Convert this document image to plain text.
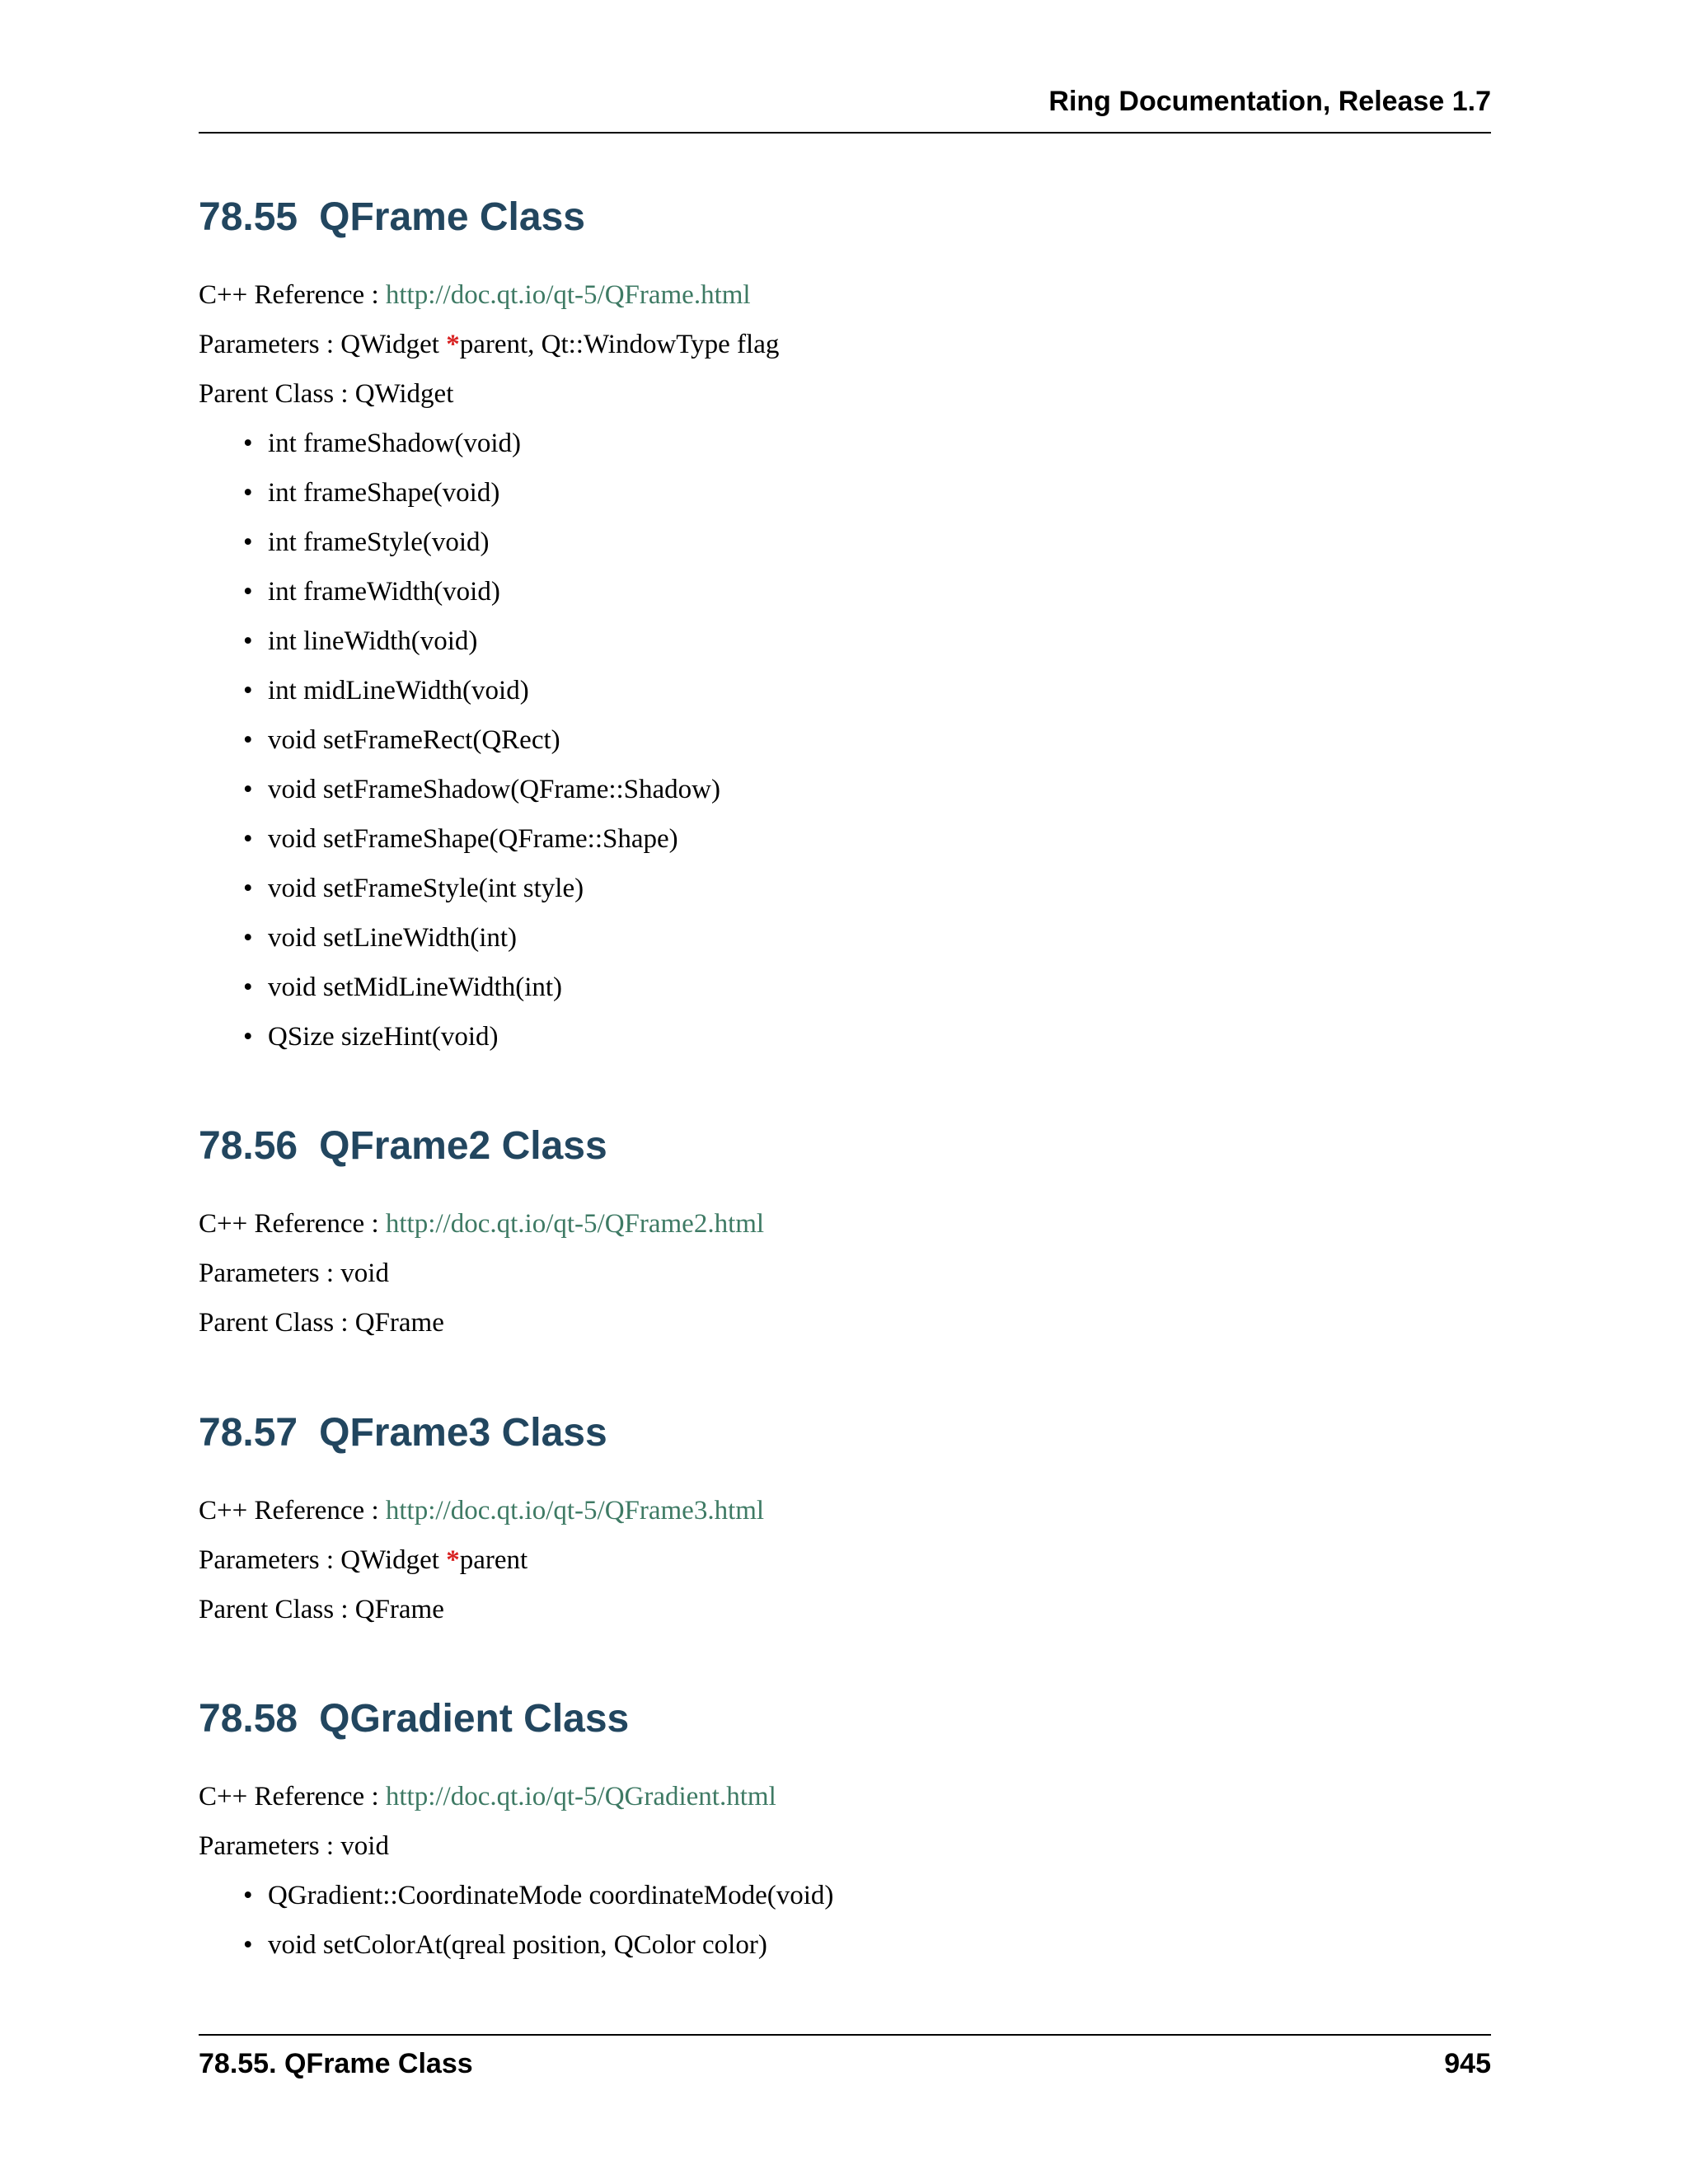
Ring Documentation, Release 1.7
78.55 QFrame Class

C++ Reference : http://doc.qt.io/qt-5/QFrame.html

Parameters : QWidget *parent, Qt::WindowType flag

Parent Class : QWidget

• int frameShadow(void)
• int frameShape(void)
• int frameStyle(void)
• int frameWidth(void)
• int lineWidth(void)
• int midLineWidth(void)
• void setFrameRect(QRect)
• void setFrameShadow(QFrame::Shadow)
• void setFrameShape(QFrame::Shape)
• void setFrameStyle(int style)
• void setLineWidth(int)
• void setMidLineWidth(int)
• QSize sizeHint(void)
78.56 QFrame2 Class

C++ Reference : http://doc.qt.io/qt-5/QFrame2.html

Parameters : void

Parent Class : QFrame

78.57 QFrame3 Class

C++ Reference : http://doc.qt.io/qt-5/QFrame3.html

Parameters : QWidget *parent

Parent Class : QFrame

78.58 QGradient Class

C++ Reference : http://doc.qt.io/qt-5/QGradient.html

Parameters : void

• QGradient::CoordinateMode coordinateMode(void)
• void setColorAt(qreal position, QColor color)
78.55. QFrame Class	945
